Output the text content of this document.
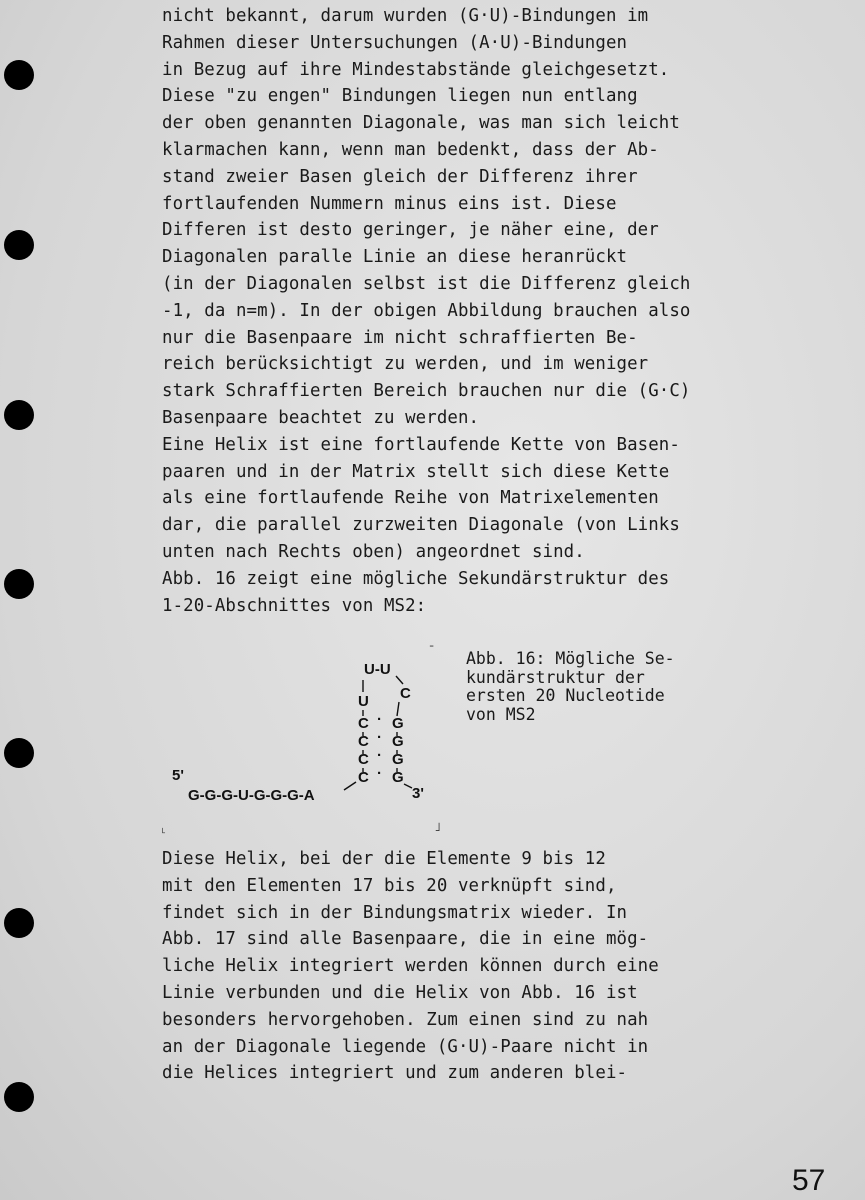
nicht bekannt, darum wurden (G·U)-Bindungen im
Rahmen dieser Untersuchungen (A·U)-Bindungen
in Bezug auf ihre Mindestabstände gleichgesetzt.
Diese "zu engen" Bindungen liegen nun entlang
der oben genannten Diagonale, was man sich leicht
klarmachen kann, wenn man bedenkt, dass der Ab-
stand zweier Basen gleich der Differenz ihrer
fortlaufenden Nummern minus eins ist. Diese
Differen ist desto geringer, je näher eine, der
Diagonalen paralle Linie an diese heranrückt
(in der Diagonalen selbst ist die Differenz gleich
-1, da n=m). In der obigen Abbildung brauchen also
nur die Basenpaare im nicht schraffierten Be-
reich berücksichtigt zu werden, und im weniger
stark Schraffierten Bereich brauchen nur die (G·C)
Basenpaare beachtet zu werden.
Eine Helix ist eine fortlaufende Kette von Basen-
paaren und in der Matrix stellt sich diese Kette
als eine fortlaufende Reihe von Matrixelementen
dar, die parallel zurzweiten Diagonale (von Links
unten nach Rechts oben) angeordnet sind.
Abb. 16 zeigt eine mögliche Sekundärstruktur des
1-20-Abschnittes von MS2:
ˉ
˪	˩
5'
G-G-G-U-G-G-G-A
U-U
C
C
C
C
U
G
G
G
G
C
·
·
·
·
3'
Abb. 16: Mögliche Se-
kundärstruktur der
ersten 20 Nucleotide
von MS2
Diese Helix, bei der die Elemente 9 bis 12
mit den Elementen 17 bis 20 verknüpft sind,
findet sich in der Bindungsmatrix wieder. In
Abb. 17 sind alle Basenpaare, die in eine mög-
liche Helix integriert werden können durch eine
Linie verbunden und die Helix von Abb. 16 ist
besonders hervorgehoben. Zum einen sind zu nah
an der Diagonale liegende (G·U)-Paare nicht in
die Helices integriert und zum anderen blei-

57
